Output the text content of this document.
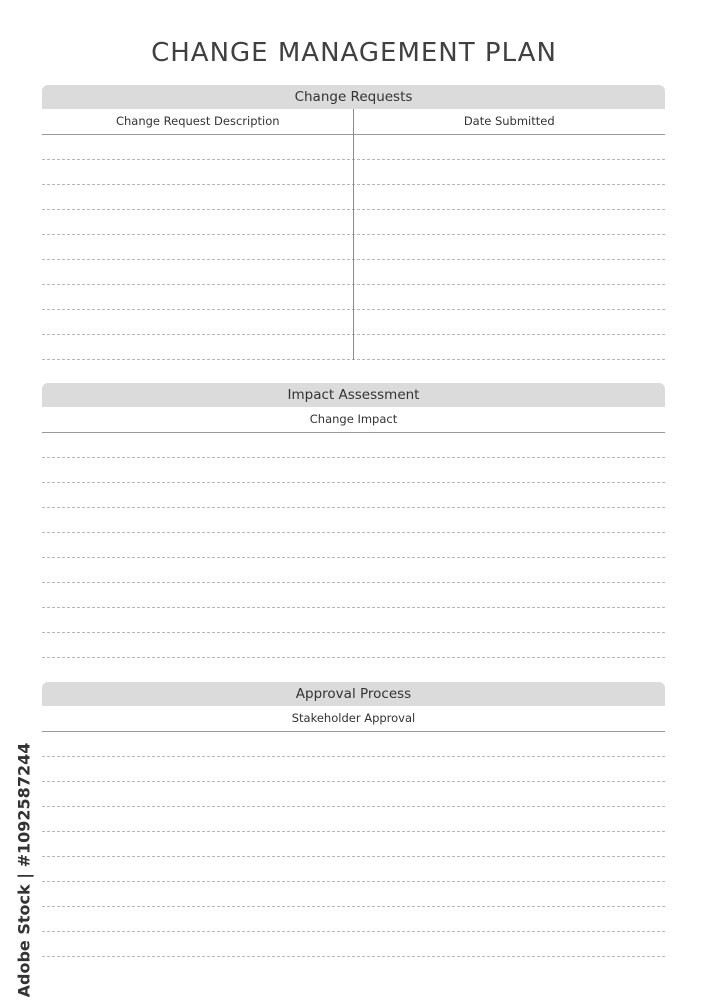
CHANGE MANAGEMENT PLAN
Change Requests
Change Request Description	Date Submitted
Impact Assessment
Change Impact
Approval Process
Stakeholder Approval
Adobe Stock | #1092587244
